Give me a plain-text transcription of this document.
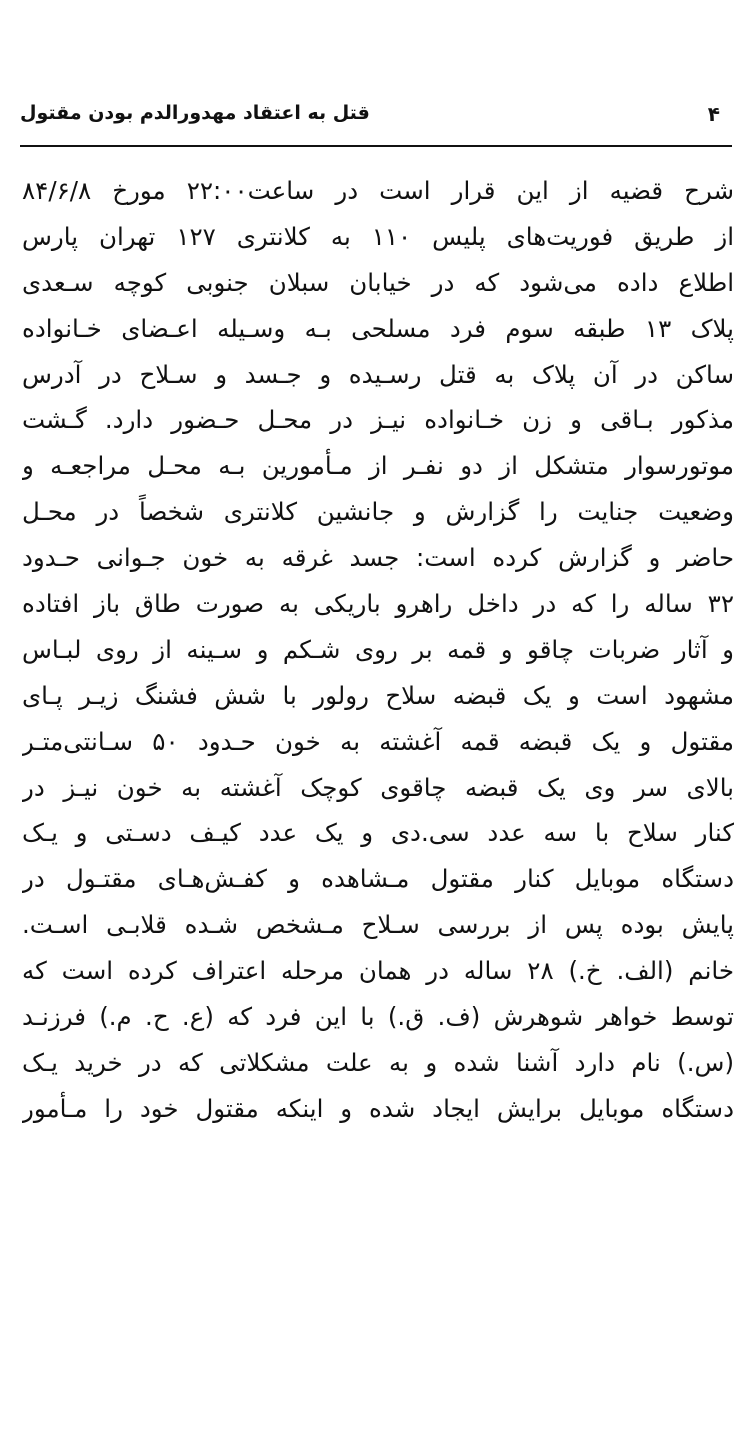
۴
قتل به اعتقاد مهدورالدم بودن مقتول
شرح قضیه از این قرار است در ساعت۲۲:۰۰ مورخ ۸۴/۶/۸
از طریق فوریت‌های پلیس ۱۱۰ به کلانتری ۱۲۷ تهران پارس
اطلاع داده می‌شود که در خیابان سبلان جنوبی کوچه سـعدی
پلاک ۱۳ طبقه سوم فرد مسلحی بـه وسـیله اعـضای خـانواده
ساکن در آن پلاک به قتل رسـیده و جـسد و سـلاح در آدرس
مذکور بـاقی و زن خـانواده نیـز در محـل حـضور دارد. گـشت
موتورسوار متشکل از دو نفـر از مـأمورین بـه محـل مراجعـه و
وضعیت جنایت را گزارش و جانشین کلانتری شخصاً در محـل
حاضر و گزارش کرده است: جسد غرقه به خون جـوانی حـدود
۳۲ ساله را که در داخل راهرو باریکی به صورت طاق باز افتاده
و آثار ضربات چاقو و قمه بر روی شـکم و سـینه از روی لبـاس
مشهود است و یک قبضه سلاح رولور با شش فشنگ زیـر پـای
مقتول و یک قبضه قمه آغشته به خون حـدود ۵۰ سـانتی‌متـر
بالای سر وی یک قبضه چاقوی کوچک آغشته به خون نیـز در
کنار سلاح با سه عدد سی.دی و یک عدد کیـف دسـتی و یـک
دستگاه موبایل کنار مقتول مـشاهده و کفـش‌هـای مقتـول در
پایش بوده پس از بررسی سـلاح مـشخص شـده قلابـی اسـت.
خانم (الف. خ.) ۲۸ ساله در همان مرحله اعتراف کرده است که
توسط خواهر شوهرش (ف. ق.) با این فرد که (ع. ح. م.) فرزنـد
(س.) نام دارد آشنا شده و به علت مشکلاتی که در خرید یـک
دستگاه موبایل برایش ایجاد شده و اینکه مقتول خود را مـأمور
